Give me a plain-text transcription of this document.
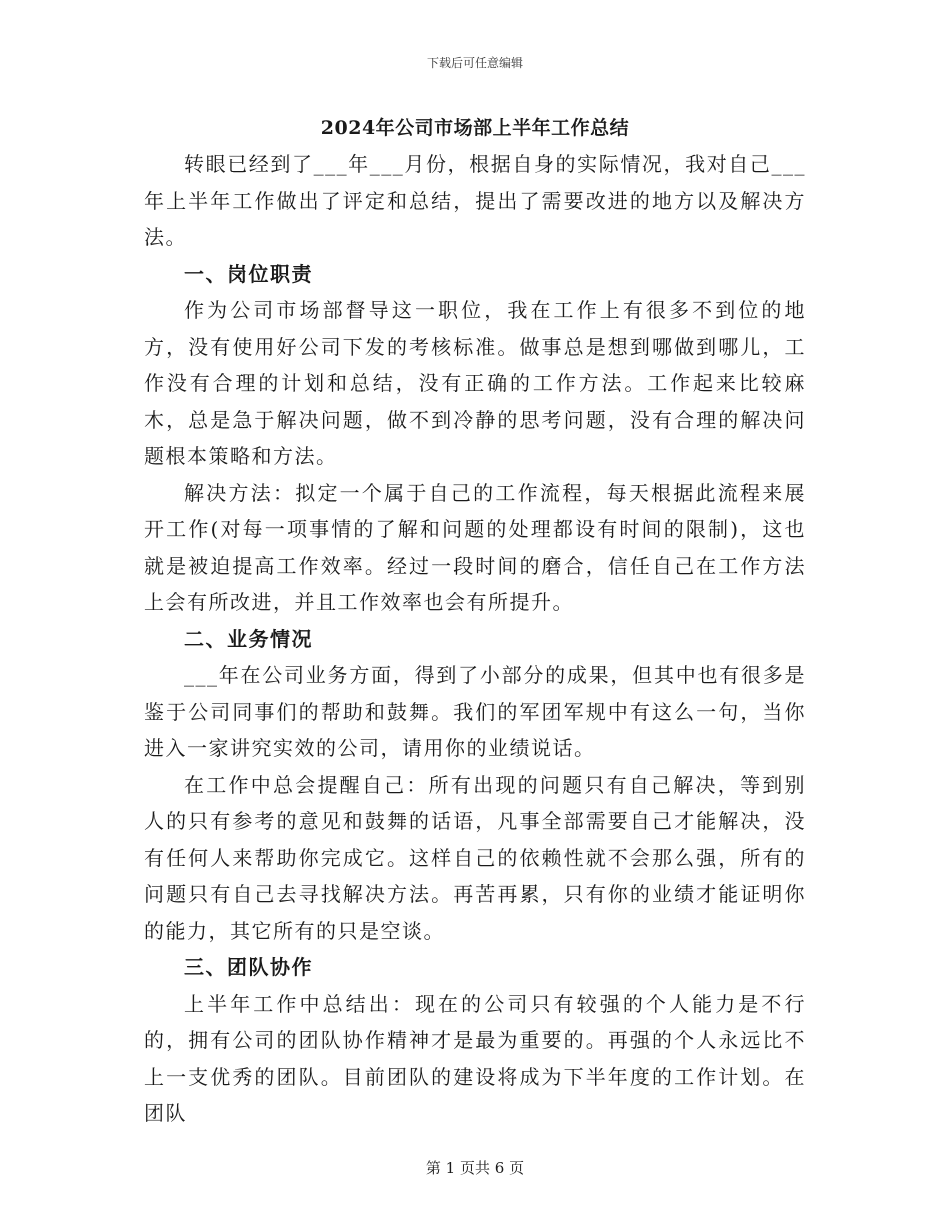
下载后可任意编辑
2024年公司市场部上半年工作总结

转眼已经到了___年___月份，根据自身的实际情况，我对自己___年上半年工作做出了评定和总结，提出了需要改进的地方以及解决方法。

一、岗位职责

作为公司市场部督导这一职位，我在工作上有很多不到位的地方，没有使用好公司下发的考核标准。做事总是想到哪做到哪儿，工作没有合理的计划和总结，没有正确的工作方法。工作起来比较麻木，总是急于解决问题，做不到冷静的思考问题，没有合理的解决问题根本策略和方法。

解决方法：拟定一个属于自己的工作流程，每天根据此流程来展开工作(对每一项事情的了解和问题的处理都设有时间的限制)，这也就是被迫提高工作效率。经过一段时间的磨合，信任自己在工作方法上会有所改进，并且工作效率也会有所提升。

二、业务情况

___年在公司业务方面，得到了小部分的成果，但其中也有很多是鉴于公司同事们的帮助和鼓舞。我们的军团军规中有这么一句，当你进入一家讲究实效的公司，请用你的业绩说话。

在工作中总会提醒自己：所有出现的问题只有自己解决，等到别人的只有参考的意见和鼓舞的话语，凡事全部需要自己才能解决，没有任何人来帮助你完成它。这样自己的依赖性就不会那么强，所有的问题只有自己去寻找解决方法。再苦再累，只有你的业绩才能证明你的能力，其它所有的只是空谈。

三、团队协作

上半年工作中总结出：现在的公司只有较强的个人能力是不行的，拥有公司的团队协作精神才是最为重要的。再强的个人永远比不上一支优秀的团队。目前团队的建设将成为下半年度的工作计划。在团队

第 1 页共 6 页
